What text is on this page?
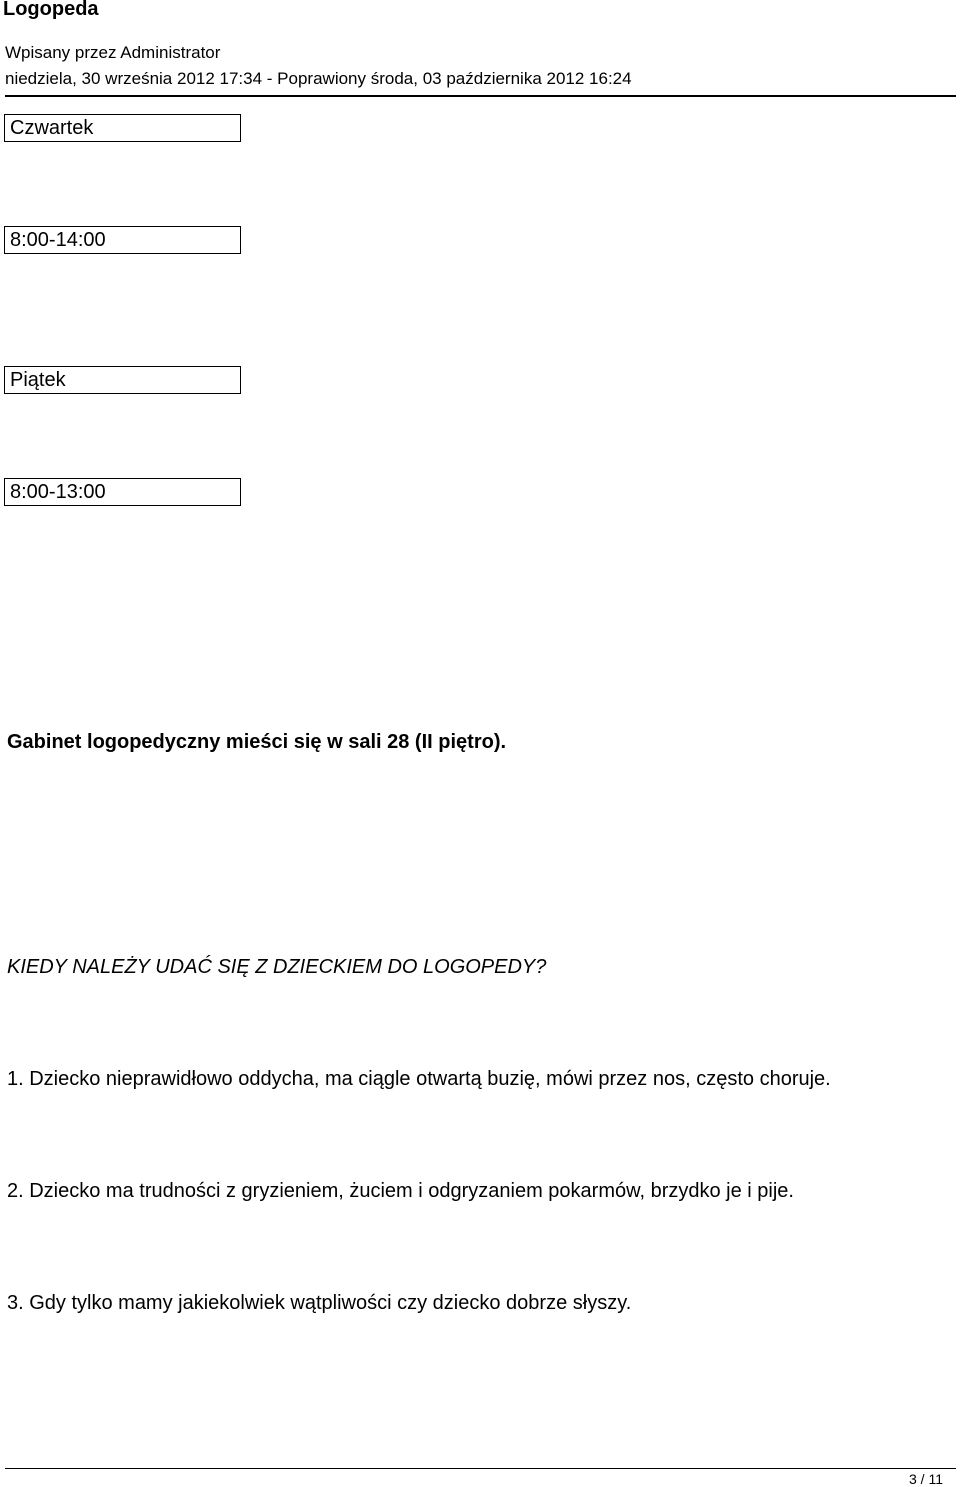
Logopeda
Wpisany przez Administrator
niedziela, 30 września 2012 17:34 - Poprawiony środa, 03 października 2012 16:24
Czwartek
8:00-14:00
Piątek
8:00-13:00
Gabinet logopedyczny mieści się w sali 28 (II piętro).
KIEDY NALEŻY UDAĆ SIĘ Z DZIECKIEM DO LOGOPEDY?
1. Dziecko nieprawidłowo oddycha, ma ciągle otwartą buzię, mówi przez nos, często choruje.
2. Dziecko ma trudności z gryzieniem, żuciem i odgryzaniem pokarmów, brzydko je i pije.
3. Gdy tylko mamy jakiekolwiek wątpliwości czy dziecko dobrze słyszy.
3 / 11
